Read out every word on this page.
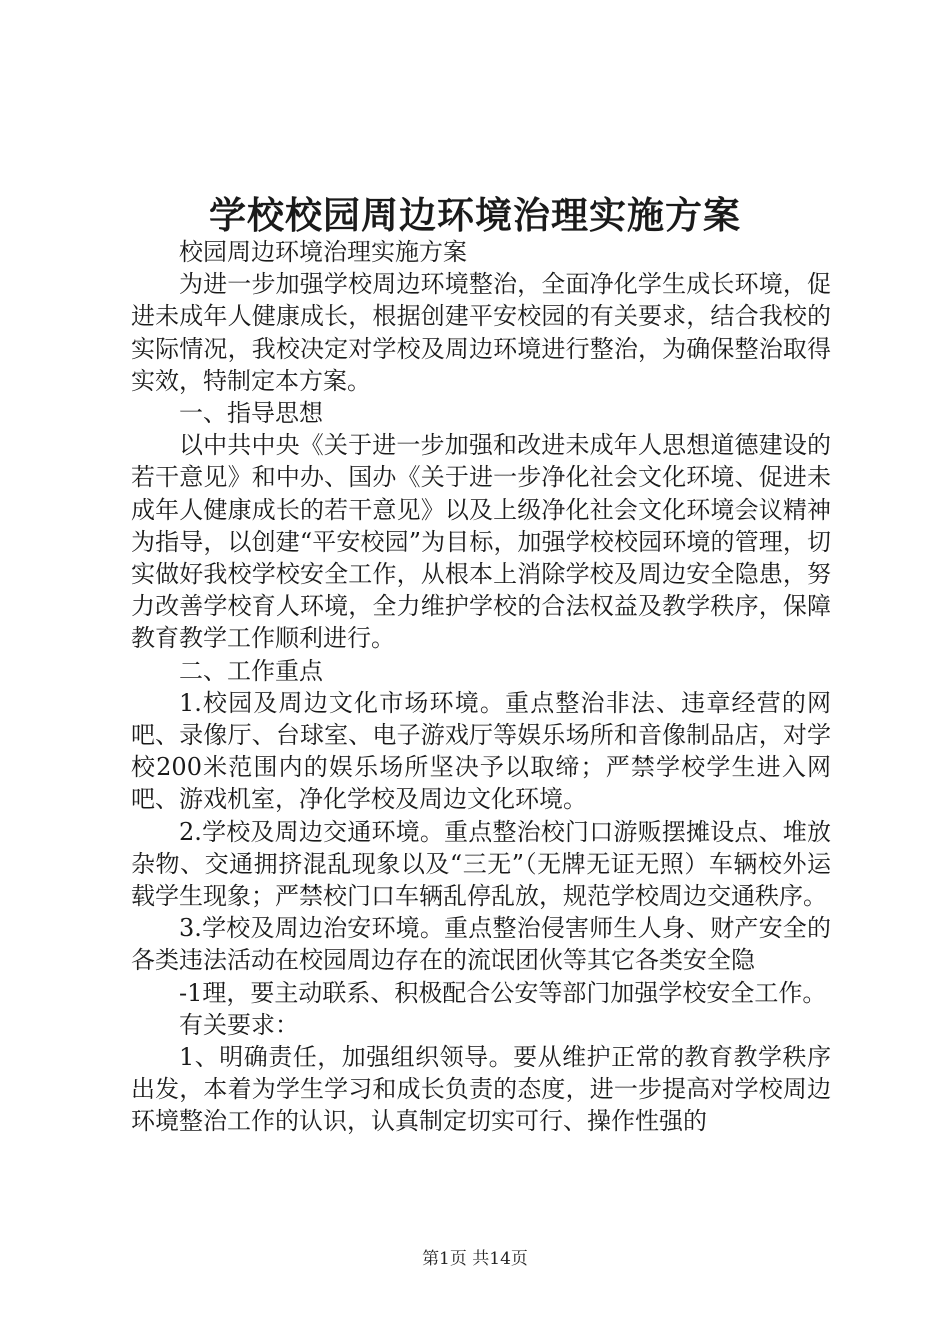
学校校园周边环境治理实施方案

校园周边环境治理实施方案

为进一步加强学校周边环境整治，全面净化学生成长环境，促进未成年人健康成长，根据创建平安校园的有关要求，结合我校的实际情况，我校决定对学校及周边环境进行整治，为确保整治取得实效，特制定本方案。

一、指导思想

以中共中央《关于进一步加强和改进未成年人思想道德建设的若干意见》和中办、国办《关于进一步净化社会文化环境、促进未成年人健康成长的若干意见》以及上级净化社会文化环境会议精神为指导，以创建“平安校园”为目标，加强学校校园环境的管理，切实做好我校学校安全工作，从根本上消除学校及周边安全隐患，努力改善学校育人环境，全力维护学校的合法权益及教学秩序，保障教育教学工作顺利进行。

二、工作重点

1.校园及周边文化市场环境。重点整治非法、违章经营的网吧、录像厅、台球室、电子游戏厅等娱乐场所和音像制品店，对学校200米范围内的娱乐场所坚决予以取缔；严禁学校学生进入网吧、游戏机室，净化学校及周边文化环境。

2.学校及周边交通环境。重点整治校门口游贩摆摊设点、堆放杂物、交通拥挤混乱现象以及“三无”（无牌无证无照）车辆校外运载学生现象；严禁校门口车辆乱停乱放，规范学校周边交通秩序。

3.学校及周边治安环境。重点整治侵害师生人身、财产安全的各类违法活动在校园周边存在的流氓团伙等其它各类安全隐

-1理，要主动联系、积极配合公安等部门加强学校安全工作。

有关要求：

1、明确责任，加强组织领导。要从维护正常的教育教学秩序出发，本着为学生学习和成长负责的态度，进一步提高对学校周边环境整治工作的认识，认真制定切实可行、操作性强的

第1页 共14页
